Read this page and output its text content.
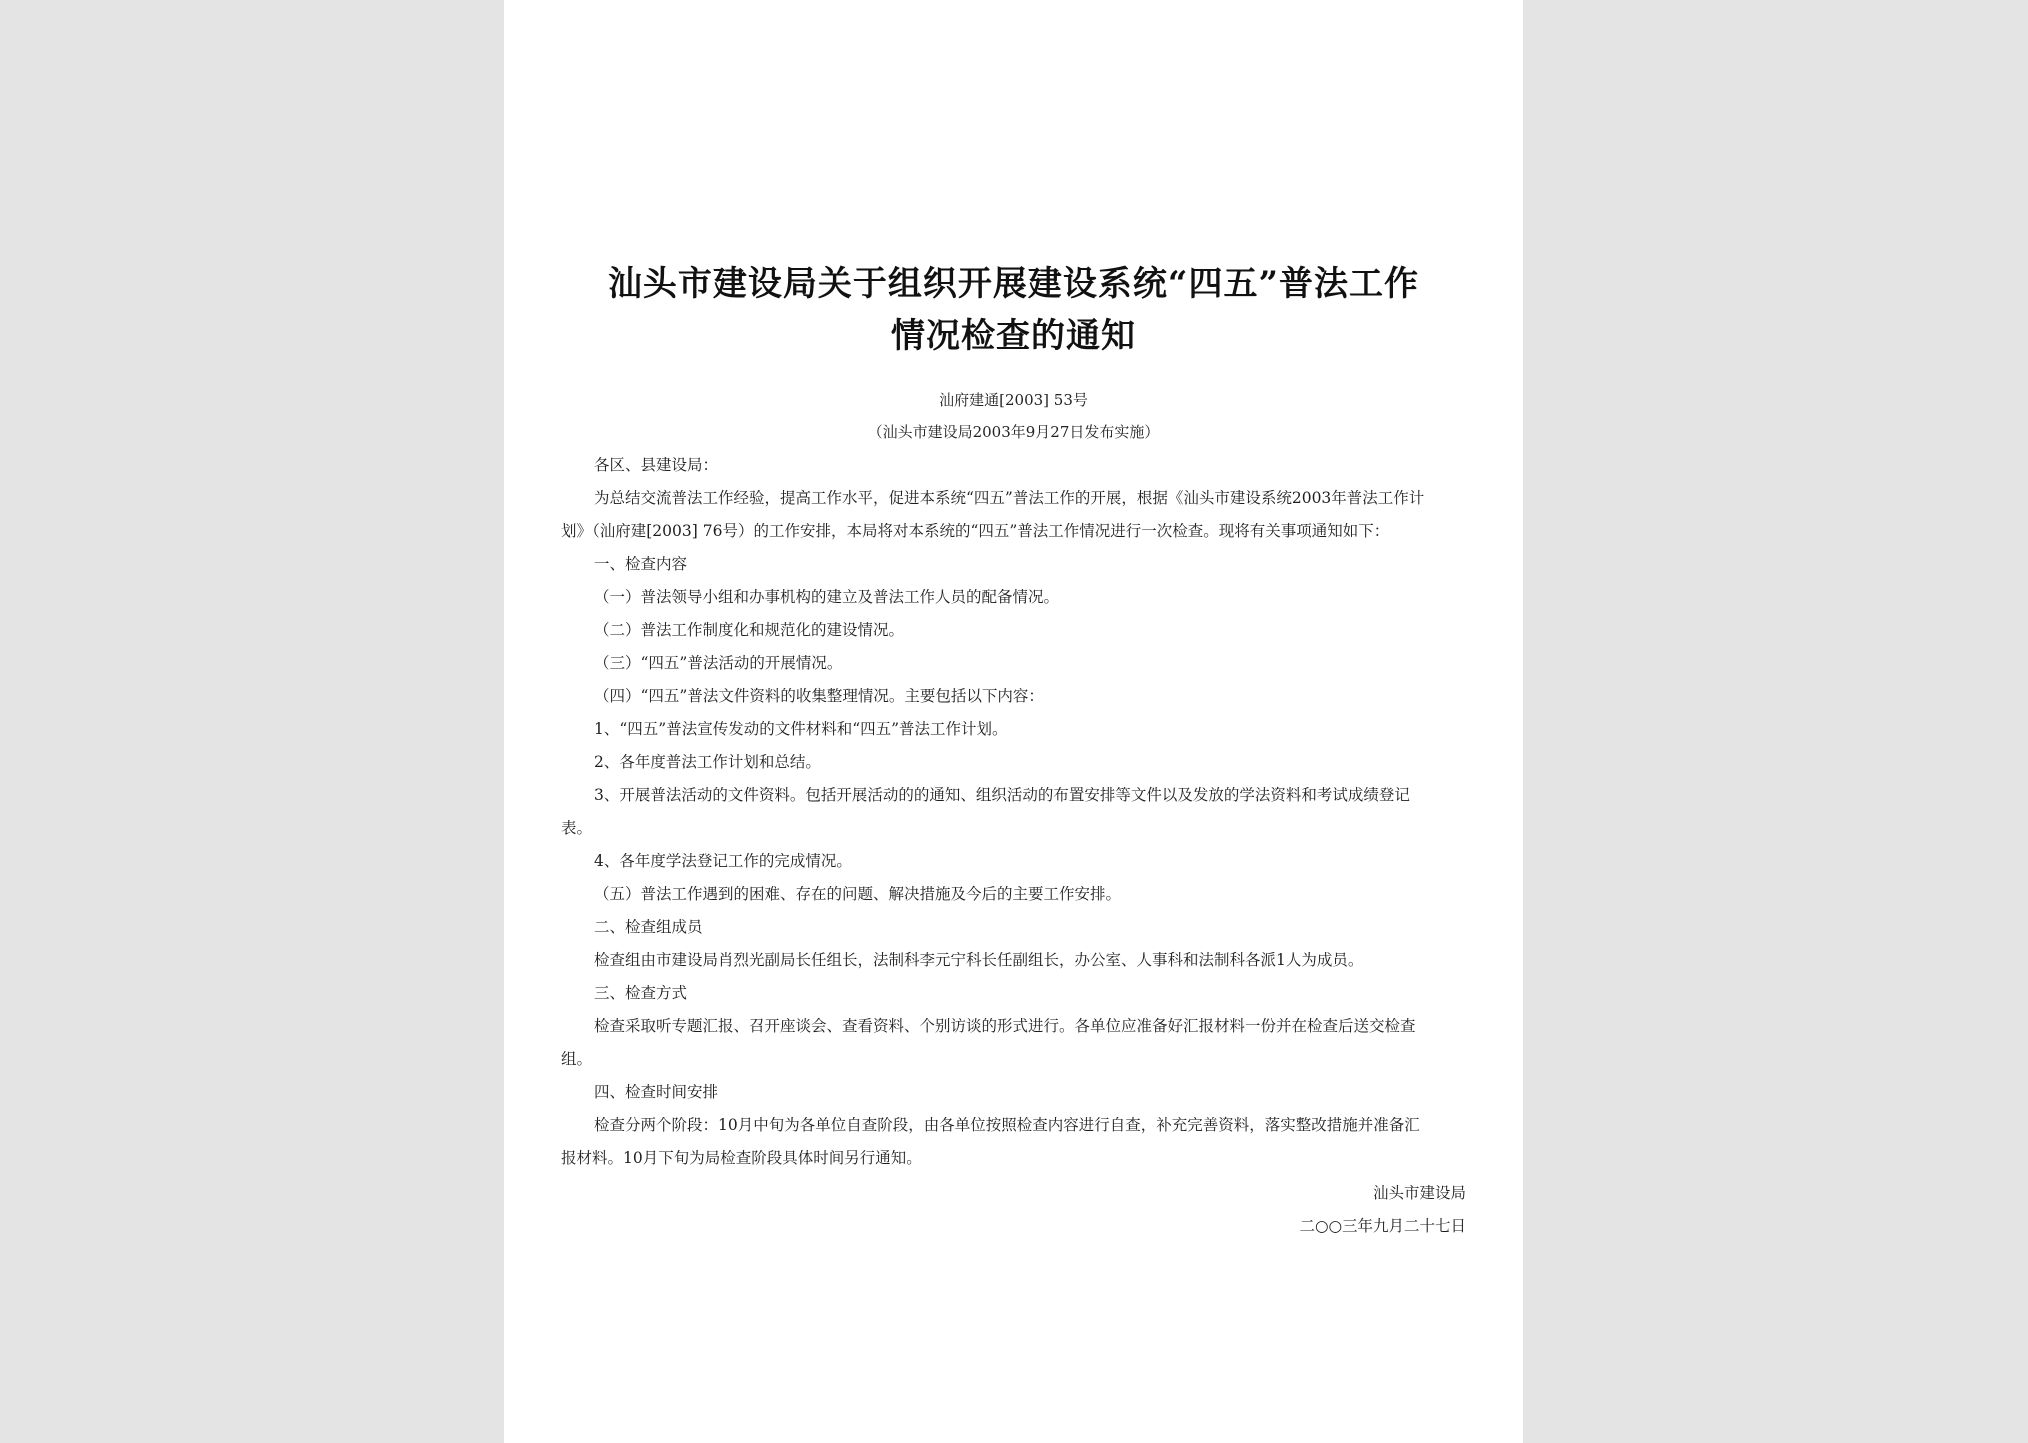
汕头市建设局关于组织开展建设系统“四五”普法工作
情况检查的通知
汕府建通[2003] 53号
（汕头市建设局2003年9月27日发布实施）
各区、县建设局：
为总结交流普法工作经验，提高工作水平，促进本系统“四五”普法工作的开展，根据《汕头市建设系统2003年普法工作计
划》（汕府建[2003] 76号）的工作安排，本局将对本系统的“四五”普法工作情况进行一次检查。现将有关事项通知如下：
一、检查内容
（一）普法领导小组和办事机构的建立及普法工作人员的配备情况。
（二）普法工作制度化和规范化的建设情况。
（三）“四五”普法活动的开展情况。
（四）“四五”普法文件资料的收集整理情况。主要包括以下内容：
1、“四五”普法宣传发动的文件材料和“四五”普法工作计划。
2、各年度普法工作计划和总结。
3、开展普法活动的文件资料。包括开展活动的的通知、组织活动的布置安排等文件以及发放的学法资料和考试成绩登记
表。
4、各年度学法登记工作的完成情况。
（五）普法工作遇到的困难、存在的问题、解决措施及今后的主要工作安排。
二、检查组成员
检查组由市建设局肖烈光副局长任组长，法制科李元宁科长任副组长，办公室、人事科和法制科各派1人为成员。
三、检查方式
检查采取听专题汇报、召开座谈会、查看资料、个别访谈的形式进行。各单位应准备好汇报材料一份并在检查后送交检查
组。
四、检查时间安排
检查分两个阶段：10月中旬为各单位自查阶段，由各单位按照检查内容进行自查，补充完善资料，落实整改措施并准备汇
报材料。10月下旬为局检查阶段具体时间另行通知。
汕头市建设局
二○○三年九月二十七日
